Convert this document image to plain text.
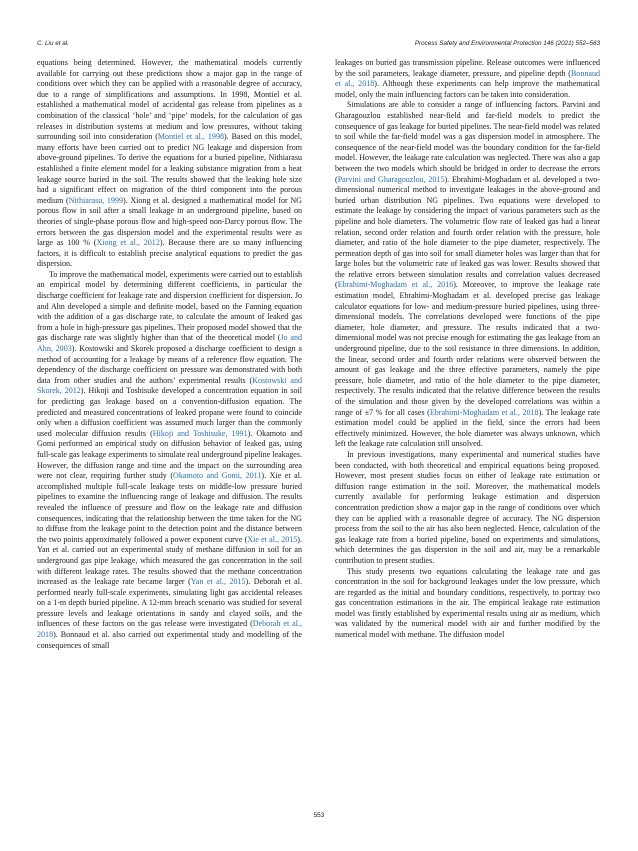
C. Liu et al.	Process Safety and Environmental Protection 146 (2021) 552–563

equations being determined. However, the mathematical models currently available for carrying out these predictions show a major gap in the range of conditions over which they can be applied with a reasonable degree of accuracy, due to a range of simplifications and assumptions. In 1998, Montiel et al. established a mathematical model of accidental gas release from pipelines as a combination of the classical ‘hole’ and ‘pipe’ models, for the calculation of gas releases in distribution systems at medium and low pressures, without taking surrounding soil into consideration (Montiel et al., 1998). Based on this model, many efforts have been carried out to predict NG leakage and dispersion from above-ground pipelines. To derive the equations for a buried pipeline, Nithiarasu established a finite element model for a leaking substance migration from a heat leakage source buried in the soil. The results showed that the leaking hole size had a significant effect on migration of the third component into the porous medium (Nithiarasu, 1999). Xiong et al. designed a mathematical model for NG porous flow in soil after a small leakage in an underground pipeline, based on theories of single-phase porous flow and high-speed non-Darcy porous flow. The errors between the gas dispersion model and the experimental results were as large as 100 % (Xiong et al., 2012). Because there are so many influencing factors, it is difficult to establish precise analytical equations to predict the gas dispersion.

To improve the mathematical model, experiments were carried out to establish an empirical model by determining different coefficients, in particular the discharge coefficient for leakage rate and dispersion coefficient for dispersion. Jo and Ahn developed a simple and definite model, based on the Fanning equation with the addition of a gas discharge rate, to calculate the amount of leaked gas from a hole in high-pressure gas pipelines. Their proposed model showed that the gas discharge rate was slightly higher than that of the theoretical model (Jo and Ahn, 2003). Kostowski and Skorek proposed a discharge coefficient to design a method of accounting for a leakage by means of a reference flow equation. The dependency of the discharge coefficient on pressure was demonstrated with both data from other studies and the authors’ experimental results (Kostowski and Skorek, 2012). Hikoji and Toshisuke developed a concentration equation in soil for predicting gas leakage based on a convention-diffusion equation. The predicted and measured concentrations of leaked propane were found to coincide only when a diffusion coefficient was assumed much larger than the commonly used molecular diffusion results (Hikoji and Toshisuke, 1991). Okamoto and Gomi performed an empirical study on diffusion behavior of leaked gas, using full-scale gas leakage experiments to simulate real underground pipeline leakages. However, the diffusion range and time and the impact on the surrounding area were not clear, requiring further study (Okamoto and Gomi, 2011). Xie et al. accomplished multiple full-scale leakage tests on middle-low pressure buried pipelines to examine the influencing range of leakage and diffusion. The results revealed the influence of pressure and flow on the leakage rate and diffusion consequences, indicating that the relationship between the time taken for the NG to diffuse from the leakage point to the detection point and the distance between the two points approximately followed a power exponent curve (Xie et al., 2015). Yan et al. carried out an experimental study of methane diffusion in soil for an underground gas pipe leakage, which measured the gas concentration in the soil with different leakage rates. The results showed that the methane concentration increased as the leakage rate became larger (Yan et al., 2015). Deborah et al. performed nearly full-scale experiments, simulating light gas accidental releases on a 1-m depth buried pipeline. A 12-mm breach scenario was studied for several pressure levels and leakage orientations in sandy and clayed soils, and the influences of these factors on the gas release were investigated (Deborah et al., 2018). Bonnaud et al. also carried out experimental study and modelling of the consequences of small

leakages on buried gas transmission pipeline. Release outcomes were influenced by the soil parameters, leakage diameter, pressure, and pipeline depth (Bonnaud et al., 2018). Although these experiments can help improve the mathematical model, only the main influencing factors can be taken into consideration.

Simulations are able to consider a range of influencing factors. Parvini and Gharagouzlou established near-field and far-field models to predict the consequence of gas leakage for buried pipelines. The near-field model was related to soil while the far-field model was a gas dispersion model in atmosphere. The consequence of the near-field model was the boundary condition for the far-field model. However, the leakage rate calculation was neglected. There was also a gap between the two models which should be bridged in order to decrease the errors (Parvini and Gharagouzlou, 2015). Ebrahimi-Moghadam et al. developed a two-dimensional numerical method to investigate leakages in the above-ground and buried urban distribution NG pipelines. Two equations were developed to estimate the leakage by considering the impact of various parameters such as the pipeline and hole diameters. The volumetric flow rate of leaked gas had a linear relation, second order relation and fourth order relation with the pressure, hole diameter, and ratio of the hole diameter to the pipe diameter, respectively. The permeation depth of gas into soil for small diameter holes was larger than that for large holes but the volumetric rate of leaked gas was lower. Results showed that the relative errors between simulation results and correlation values decreased (Ebrahimi-Moghadam et al., 2016). Moreover, to improve the leakage rate estimation model, Ebrahimi-Moghadam et al. developed precise gas leakage calculator equations for low- and medium-pressure buried pipelines, using three-dimensional models. The correlations developed were functions of the pipe diameter, hole diameter, and pressure. The results indicated that a two-dimensional model was not precise enough for estimating the gas leakage from an underground pipeline, due to the soil resistance in three dimensions. In addition, the linear, second order and fourth order relations were observed between the amount of gas leakage and the three effective parameters, namely the pipe pressure, hole diameter, and ratio of the hole diameter to the pipe diameter, respectively. The results indicated that the relative difference between the results of the simulation and those given by the developed correlations was within a range of ±7 % for all cases (Ebrahimi-Moghadam et al., 2018). The leakage rate estimation model could be applied in the field, since the errors had been effectively minimized. However, the hole diameter was always unknown, which left the leakage rate calculation still unsolved.

In previous investigations, many experimental and numerical studies have been conducted, with both theoretical and empirical equations being proposed. However, most present studies focus on either of leakage rate estimation or diffusion range estimation in the soil. Moreover, the mathematical models currently available for performing leakage estimation and dispersion concentration prediction show a major gap in the range of conditions over which they can be applied with a reasonable degree of accuracy. The NG dispersion process from the soil to the air has also been neglected. Hence, calculation of the gas leakage rate from a buried pipeline, based on experiments and simulations, which determines the gas dispersion in the soil and air, may be a remarkable contribution to present studies.

This study presents two equations calculating the leakage rate and gas concentration in the soil for background leakages under the low pressure, which are regarded as the initial and boundary conditions, respectively, to portray two gas concentration estimations in the air. The empirical leakage rate estimation model was firstly established by experimental results using air as medium, which was validated by the numerical model with air and further modified by the numerical model with methane. The diffusion model

553
